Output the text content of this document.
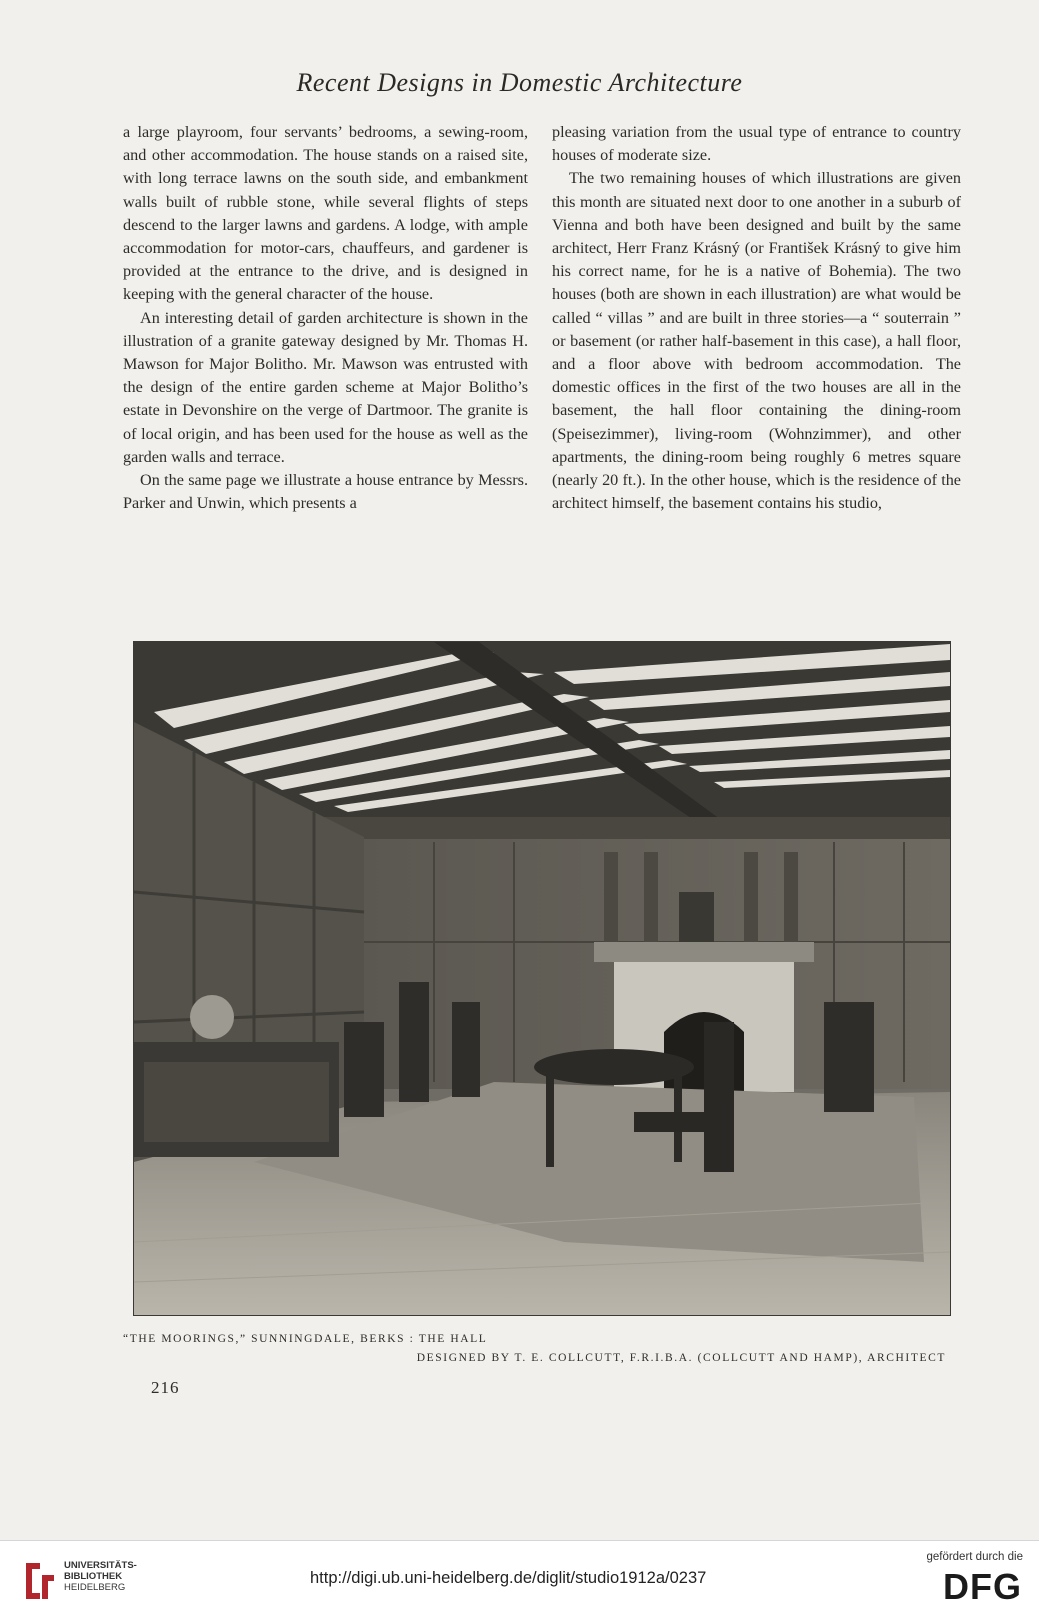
Recent Designs in Domestic Architecture

a large playroom, four servants’ bedrooms, a sewing-room, and other accommodation. The house stands on a raised site, with long terrace lawns on the south side, and embankment walls built of rubble stone, while several flights of steps descend to the larger lawns and gardens. A lodge, with ample accommodation for motor-cars, chauffeurs, and gardener is provided at the entrance to the drive, and is designed in keeping with the general character of the house.

An interesting detail of garden architecture is shown in the illustration of a granite gateway designed by Mr. Thomas H. Mawson for Major Bolitho. Mr. Mawson was entrusted with the design of the entire garden scheme at Major Bolitho’s estate in Devonshire on the verge of Dartmoor. The granite is of local origin, and has been used for the house as well as the garden walls and terrace.

On the same page we illustrate a house entrance by Messrs. Parker and Unwin, which presents a

pleasing variation from the usual type of entrance to country houses of moderate size.

The two remaining houses of which illustrations are given this month are situated next door to one another in a suburb of Vienna and both have been designed and built by the same architect, Herr Franz Krásný (or František Krásný to give him his correct name, for he is a native of Bohemia). The two houses (both are shown in each illustration) are what would be called “ villas ” and are built in three stories—a “ souterrain ” or basement (or rather half-basement in this case), a hall floor, and a floor above with bedroom accommodation. The domestic offices in the first of the two houses are all in the basement, the hall floor containing the dining-room (Speisezimmer), living-room (Wohnzimmer), and other apartments, the dining-room being roughly 6 metres square (nearly 20 ft.). In the other house, which is the residence of the architect himself, the basement contains his studio,

“THE MOORINGS,” SUNNINGDALE, BERKS : THE HALL
DESIGNED BY T. E. COLLCUTT, F.R.I.B.A. (COLLCUTT AND HAMP), ARCHITECT
216
UNIVERSITÄTS-
BIBLIOTHEK
HEIDELBERG
http://digi.ub.uni-heidelberg.de/diglit/studio1912a/0237
gefördert durch die
DFG
